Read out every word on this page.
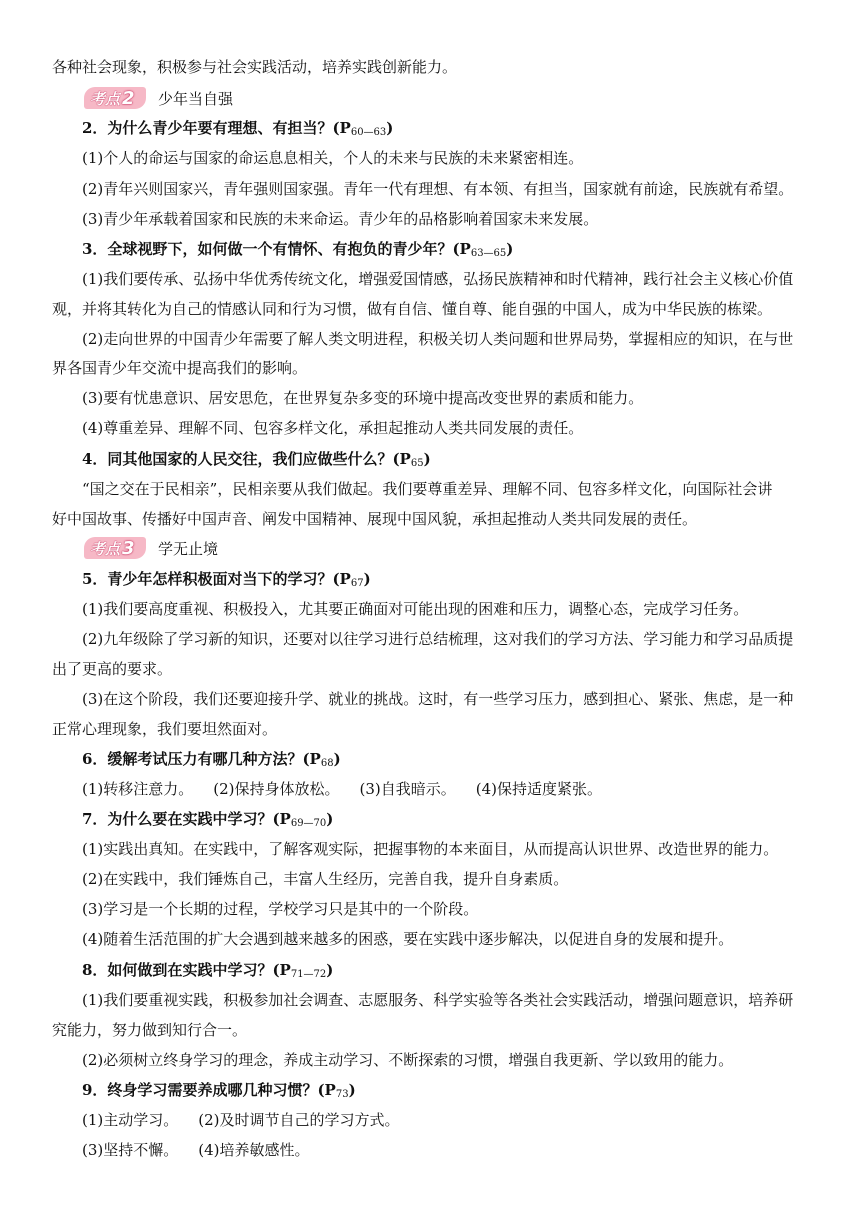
各种社会现象，积极参与社会实践活动，培养实践创新能力。
考点 2 少年当自强
2．为什么青少年要有理想、有担当？$(P_{60—63})$
(1)个人的命运与国家的命运息息相关，个人的未来与民族的未来紧密相连。
(2)青年兴则国家兴，青年强则国家强。青年一代有理想、有本领、有担当，国家就有前途，民族就有希望。
(3)青少年承载着国家和民族的未来命运。青少年的品格影响着国家未来发展。
3．全球视野下，如何做一个有情怀、有抱负的青少年？$(P_{63—65})$
(1)我们要传承、弘扬中华优秀传统文化，增强爱国情感，弘扬民族精神和时代精神，践行社会主义核心价值
观，并将其转化为自己的情感认同和行为习惯，做有自信、懂自尊、能自强的中国人，成为中华民族的栋梁。
(2)走向世界的中国青少年需要了解人类文明进程，积极关切人类问题和世界局势，掌握相应的知识，在与世
界各国青少年交流中提高我们的影响。
(3)要有忧患意识、居安思危，在世界复杂多变的环境中提高改变世界的素质和能力。
(4)尊重差异、理解不同、包容多样文化，承担起推动人类共同发展的责任。
4．同其他国家的人民交往，我们应做些什么？$(P_{65})$
“国之交在于民相亲”，民相亲要从我们做起。我们要尊重差异、理解不同、包容多样文化，向国际社会讲
好中国故事、传播好中国声音、阐发中国精神、展现中国风貌，承担起推动人类共同发展的责任。
考点 3 学无止境
5．青少年怎样积极面对当下的学习？$(P_{67})$
(1)我们要高度重视、积极投入，尤其要正确面对可能出现的困难和压力，调整心态，完成学习任务。
(2)九年级除了学习新的知识，还要对以往学习进行总结梳理，这对我们的学习方法、学习能力和学习品质提
出了更高的要求。
(3)在这个阶段，我们还要迎接升学、就业的挑战。这时，有一些学习压力，感到担心、紧张、焦虑，是一种
正常心理现象，我们要坦然面对。
6．缓解考试压力有哪几种方法？$(P_{68})$
(1)转移注意力。 (2)保持身体放松。 (3)自我暗示。 (4)保持适度紧张。
7．为什么要在实践中学习？$(P_{69—70})$
(1)实践出真知。在实践中，了解客观实际，把握事物的本来面目，从而提高认识世界、改造世界的能力。
(2)在实践中，我们锤炼自己，丰富人生经历，完善自我，提升自身素质。
(3)学习是一个长期的过程，学校学习只是其中的一个阶段。
(4)随着生活范围的扩大会遇到越来越多的困惑，要在实践中逐步解决，以促进自身的发展和提升。
8．如何做到在实践中学习？$(P_{71—72})$
(1)我们要重视实践，积极参加社会调查、志愿服务、科学实验等各类社会实践活动，增强问题意识，培养研
究能力，努力做到知行合一。
(2)必须树立终身学习的理念，养成主动学习、不断探索的习惯，增强自我更新、学以致用的能力。
9．终身学习需要养成哪几种习惯？$(P_{73})$
(1)主动学习。 (2)及时调节自己的学习方式。
(3)坚持不懈。 (4)培养敏感性。
